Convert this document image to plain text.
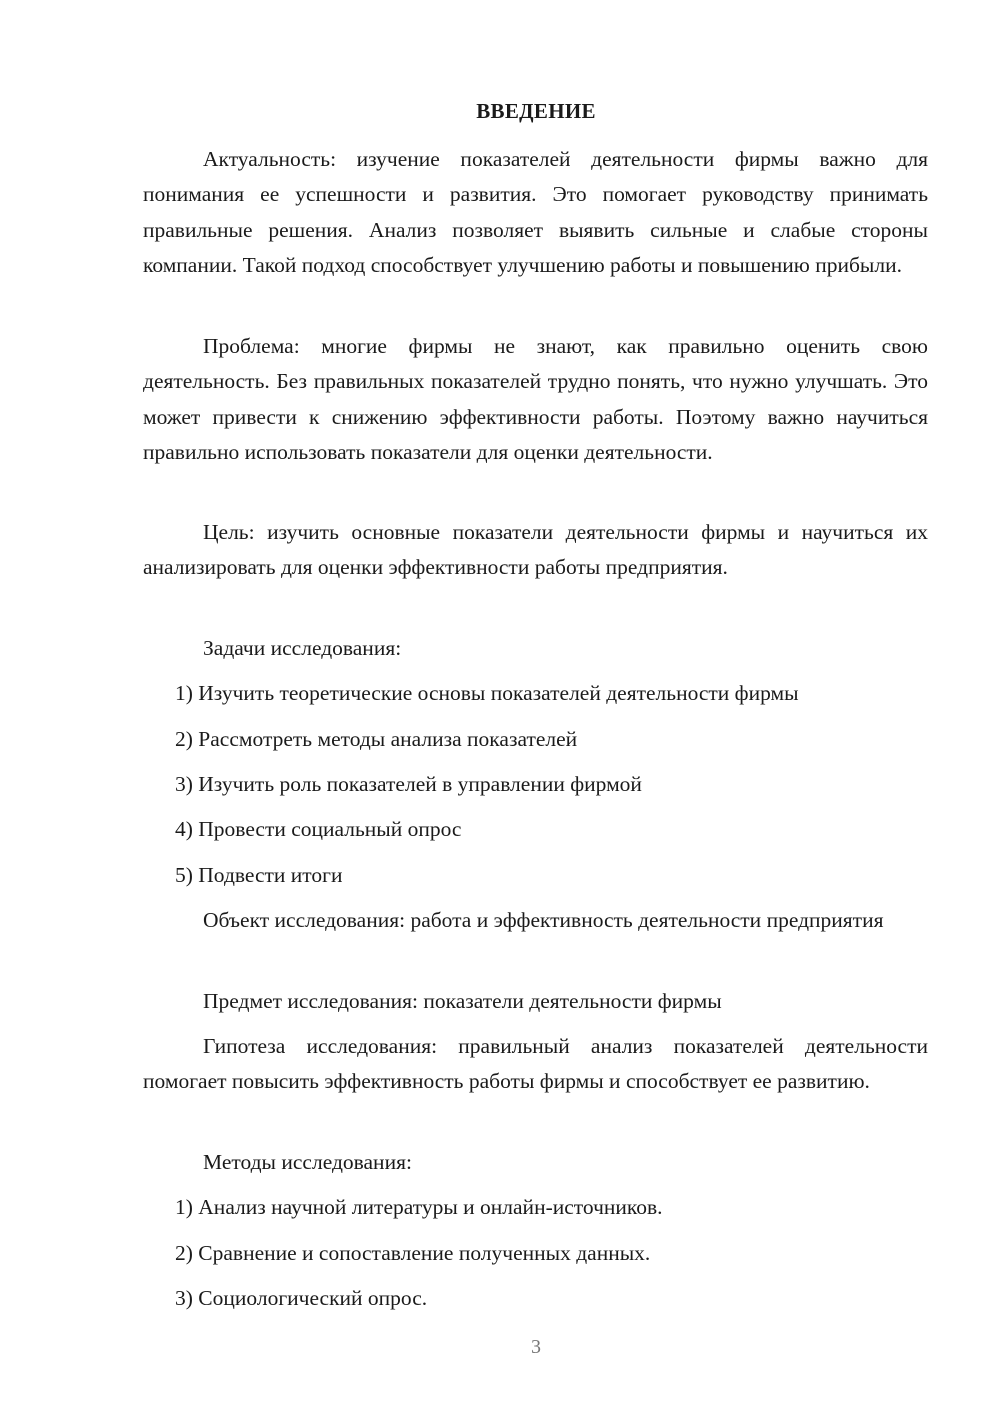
ВВЕДЕНИЕ

Актуальность: изучение показателей деятельности фирмы важно для понимания ее успешности и развития. Это помогает руководству принимать правильные решения. Анализ позволяет выявить сильные и слабые стороны компании. Такой подход способствует улучшению работы и повышению прибыли.

Проблема: многие фирмы не знают, как правильно оценить свою деятельность. Без правильных показателей трудно понять, что нужно улучшать. Это может привести к снижению эффективности работы. Поэтому важно научиться правильно использовать показатели для оценки деятельности.

Цель: изучить основные показатели деятельности фирмы и научиться их анализировать для оценки эффективности работы предприятия.

Задачи исследования:

1) Изучить теоретические основы показателей деятельности фирмы

2) Рассмотреть методы анализа показателей

3) Изучить роль показателей в управлении фирмой

4) Провести социальный опрос

5) Подвести итоги

Объект исследования: работа и эффективность деятельности предприятия

Предмет исследования: показатели деятельности фирмы

Гипотеза исследования: правильный анализ показателей деятельности помогает повысить эффективность работы фирмы и способствует ее развитию.

Методы исследования:

1) Анализ научной литературы и онлайн-источников.

2) Сравнение и сопоставление полученных данных.

3) Социологический опрос.

3
